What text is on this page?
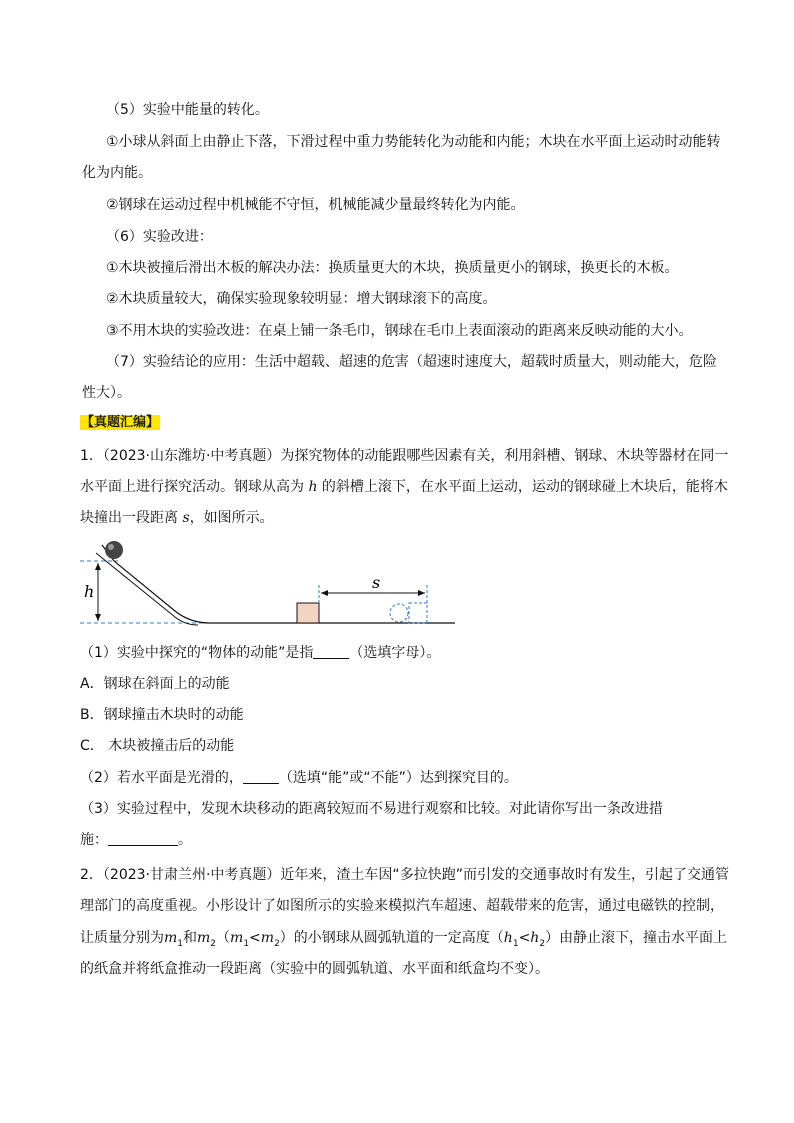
（5）实验中能量的转化。
①小球从斜面上由静止下落，下滑过程中重力势能转化为动能和内能；木块在水平面上运动时动能转
化为内能。
②钢球在运动过程中机械能不守恒，机械能减少量最终转化为内能。
（6）实验改进：
①木块被撞后滑出木板的解决办法：换质量更大的木块，换质量更小的钢球，换更长的木板。
②木块质量较大，确保实验现象较明显：增大钢球滚下的高度。
③不用木块的实验改进：在桌上铺一条毛巾，钢球在毛巾上表面滚动的距离来反映动能的大小。
（7）实验结论的应用：生活中超载、超速的危害（超速时速度大，超载时质量大，则动能大，危险
性大）。
【真题汇编】
1．（2023·山东潍坊·中考真题）为探究物体的动能跟哪些因素有关，利用斜槽、钢球、木块等器材在同一
水平面上进行探究活动。钢球从高为 h 的斜槽上滚下，在水平面上运动，运动的钢球碰上木块后，能将木
块撞出一段距离 s，如图所示。
h	s
（1）实验中探究的“物体的动能”是指	（选填字母）。
A．钢球在斜面上的动能
B．钢球撞击木块时的动能
C． 木块被撞击后的动能
（2）若水平面是光滑的，	（选填“能”或“不能”）达到探究目的。
（3）实验过程中，发现木块移动的距离较短而不易进行观察和比较。对此请你写出一条改进措
施：	。
2．（2023·甘肃兰州·中考真题）近年来，渣土车因“多拉快跑”而引发的交通事故时有发生，引起了交通管
理部门的高度重视。小彤设计了如图所示的实验来模拟汽车超速、超载带来的危害，通过电磁铁的控制，
让质量分别为$m_1$和$m_2(m_1<m_2)$的小钢球从圆弧轨道的一定高度$(h_1<h_2)$由静止滚下，撞击水平面上
的纸盒并将纸盒推动一段距离（实验中的圆弧轨道、水平面和纸盒均不变）。
